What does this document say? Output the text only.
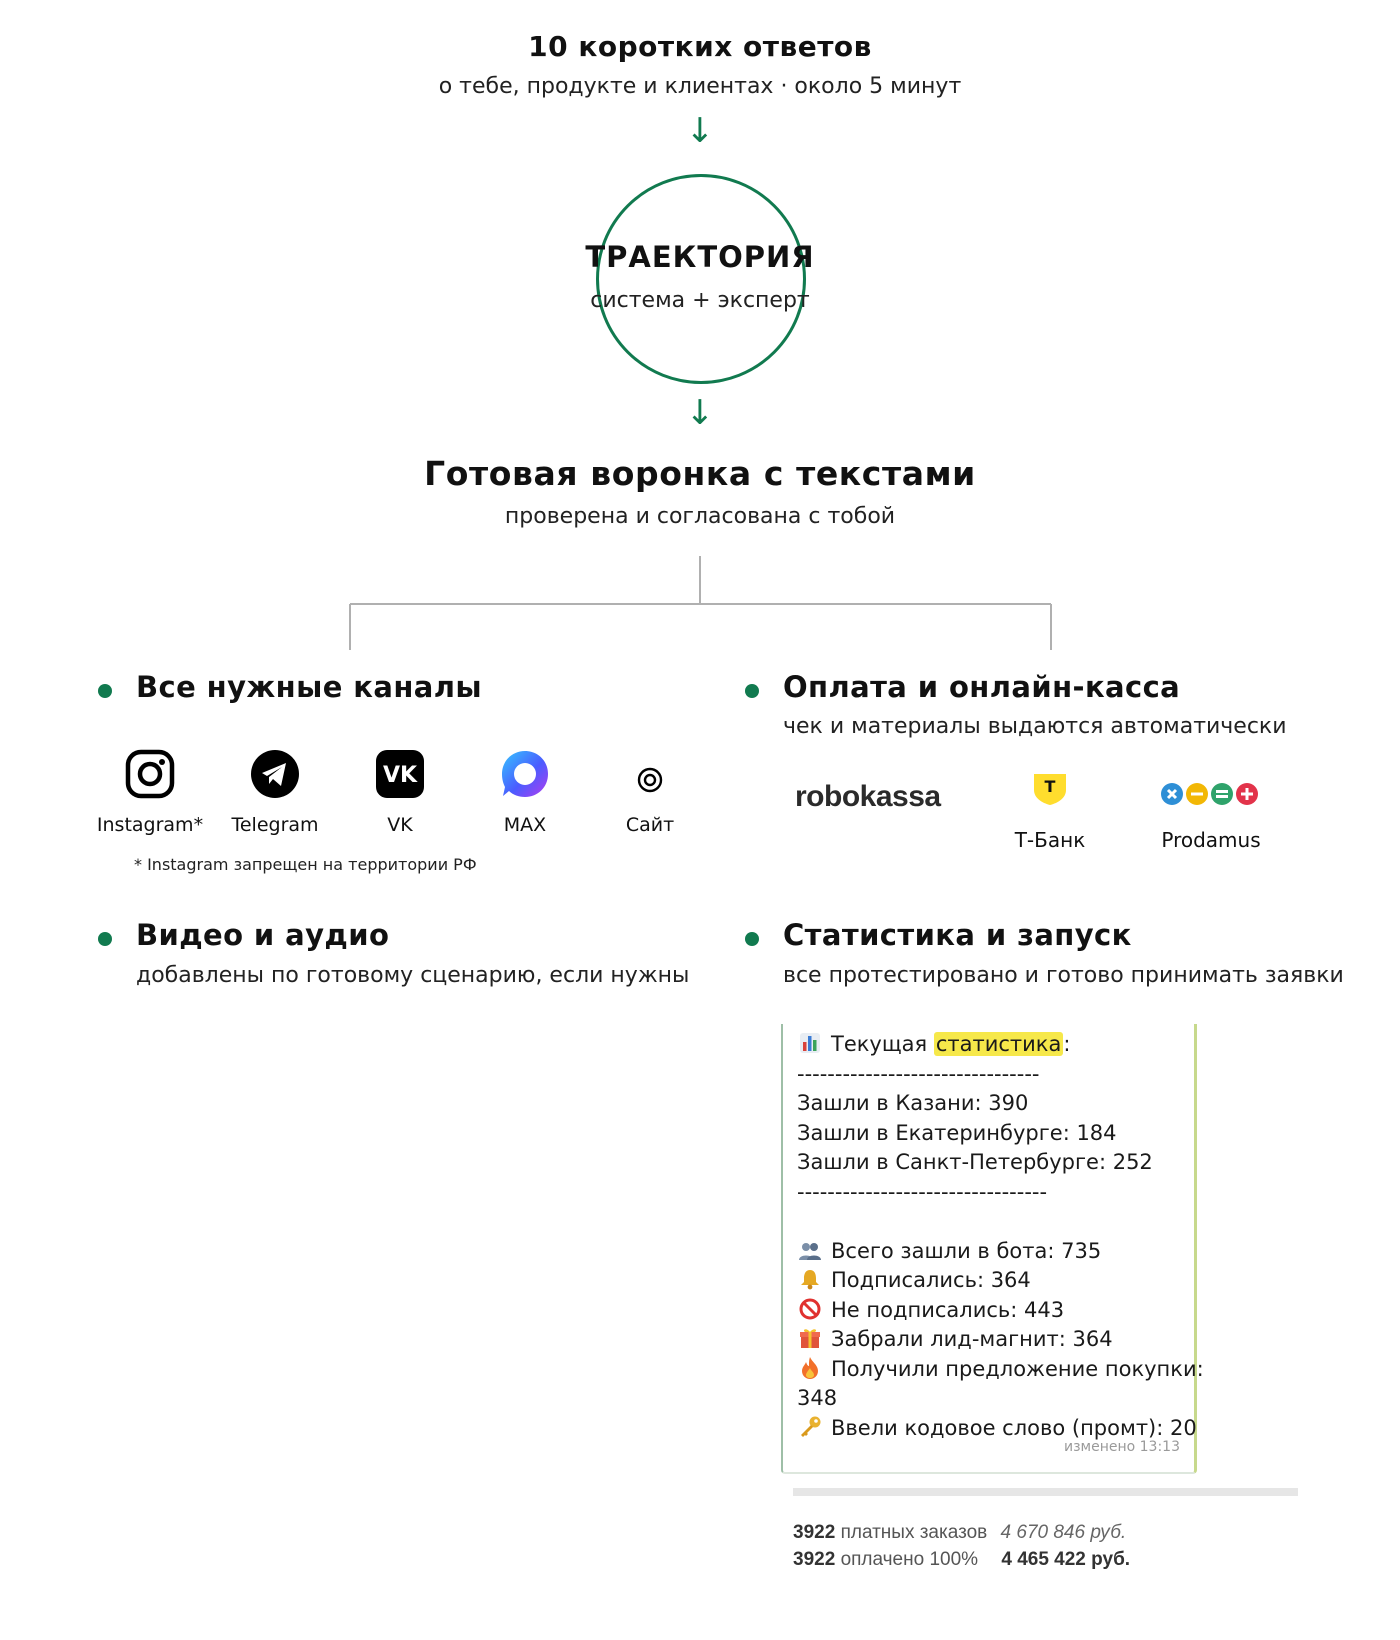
10 коротких ответов
о тебе, продукте и клиентах · около 5 минут
↓
ТРАЕКТОРИЯ
система + эксперт
↓
Готовая воронка с текстами
проверена и согласована с тобой
Все нужные каналы
Instagram*	Telegram
VK
VK	MAX	Сайт
* Instagram запрещен на территории РФ
Оплата и онлайн-касса
чек и материалы выдаются автоматически
robokassa	Т
Т-Банк	Prodamus
Видео и аудио
добавлены по готовому сценарию, если нужны
Статистика и запуск
все протестировано и готово принимать заявки
Текущая статистика:
--------------------------------
Зашли в Казани: 390
Зашли в Екатеринбурге: 184
Зашли в Санкт-Петербурге: 252
---------------------------------
Всего зашли в бота: 735
Подписались: 364
Не подписались: 443
Забрали лид-магнит: 364
Получили предложение покупки:
348
Ввели кодовое слово (промт): 20
изменено 13:13
3922 платных заказов 4 670 846 руб.
3922 оплачено 100% 4 465 422 руб.
